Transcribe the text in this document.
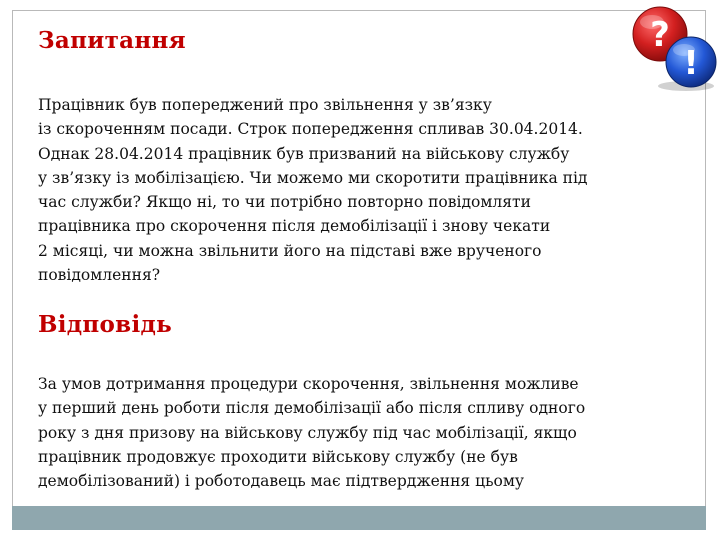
?
!
Запитання
Працівник був попереджений про звільнення у зв’язку
із скороченням посади. Строк попередження спливав 30.04.2014.
Однак 28.04.2014 працівник був призваний на військову службу
у зв’язку із мобілізацією. Чи можемо ми скоротити працівника під
час служби? Якщо ні, то чи потрібно повторно повідомляти
працівника про скорочення після демобілізації і знову чекати
2 місяці, чи можна звільнити його на підставі вже врученого
повідомлення?
Відповідь
За умов дотримання процедури скорочення, звільнення можливе
у перший день роботи після демобілізації або після спливу одного
року з дня призову на військову службу під час мобілізації, якщо
працівник продовжує проходити військову службу (не був
демобілізований) і роботодавець має підтвердження цьому
